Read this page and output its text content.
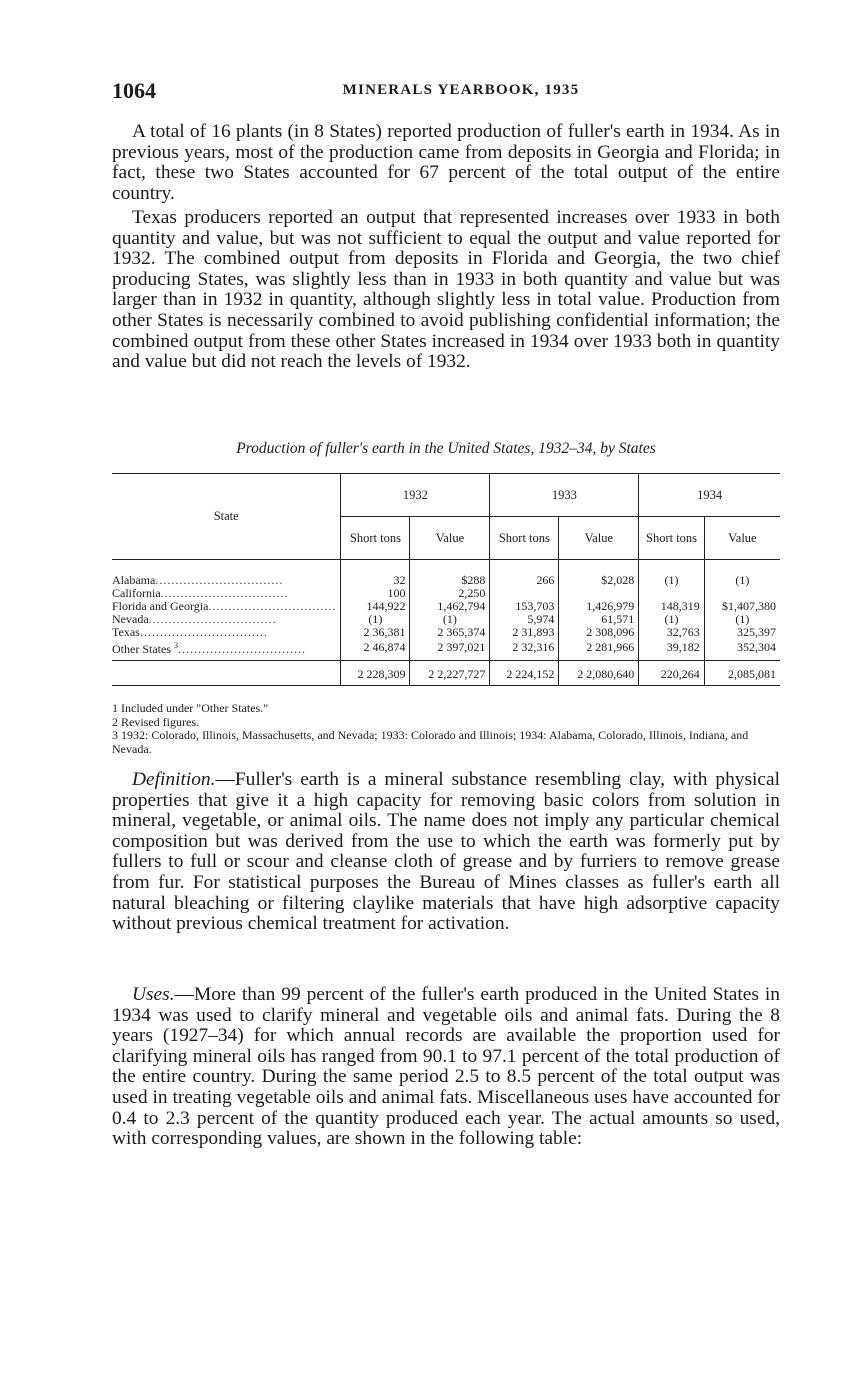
1064	MINERALS YEARBOOK, 1935

A total of 16 plants (in 8 States) reported production of fuller's earth in 1934. As in previous years, most of the production came from deposits in Georgia and Florida; in fact, these two States accounted for 67 percent of the total output of the entire country.

Texas producers reported an output that represented increases over 1933 in both quantity and value, but was not sufficient to equal the output and value reported for 1932. The combined output from deposits in Florida and Georgia, the two chief producing States, was slightly less than in 1933 in both quantity and value but was larger than in 1932 in quantity, although slightly less in total value. Production from other States is necessarily combined to avoid publishing confidential information; the combined output from these other States increased in 1934 over 1933 both in quantity and value but did not reach the levels of 1932.

Production of fuller's earth in the United States, 1932–34, by States
State	1932		1933		1934	
	Short tons	Value	Short tons	Value	Short tons	Value
Alabama................................	32	$288	266	$2,028	(1)	(1)
California................................	100	2,250				
Florida and Georgia................................	144,922	1,462,794	153,703	1,426,979	148,319	$1,407,380
Nevada................................	(1)	(1)	5,974	61,571	(1)	(1)
Texas................................	2 36,381	2 365,374	2 31,893	2 308,096	32,763	325,397
Other States $^3$................................	2 46,874	2 397,021	2 32,316	2 281,966	39,182	352,304

	2 228,309	2 2,227,727	2 224,152	2 2,080,640	220,264	2,085,081
1 Included under "Other States."
2 Revised figures.
3 1932: Colorado, Illinois, Massachusetts, and Nevada; 1933: Colorado and Illinois; 1934: Alabama, Colorado, Illinois, Indiana, and Nevada.

Definition.—Fuller's earth is a mineral substance resembling clay, with physical properties that give it a high capacity for removing basic colors from solution in mineral, vegetable, or animal oils. The name does not imply any particular chemical composition but was derived from the use to which the earth was formerly put by fullers to full or scour and cleanse cloth of grease and by furriers to remove grease from fur. For statistical purposes the Bureau of Mines classes as fuller's earth all natural bleaching or filtering claylike materials that have high adsorptive capacity without previous chemical treatment for activation.

Uses.—More than 99 percent of the fuller's earth produced in the United States in 1934 was used to clarify mineral and vegetable oils and animal fats. During the 8 years (1927–34) for which annual records are available the proportion used for clarifying mineral oils has ranged from 90.1 to 97.1 percent of the total production of the entire country. During the same period 2.5 to 8.5 percent of the total output was used in treating vegetable oils and animal fats. Miscellaneous uses have accounted for 0.4 to 2.3 percent of the quantity produced each year. The actual amounts so used, with corresponding values, are shown in the following table:
